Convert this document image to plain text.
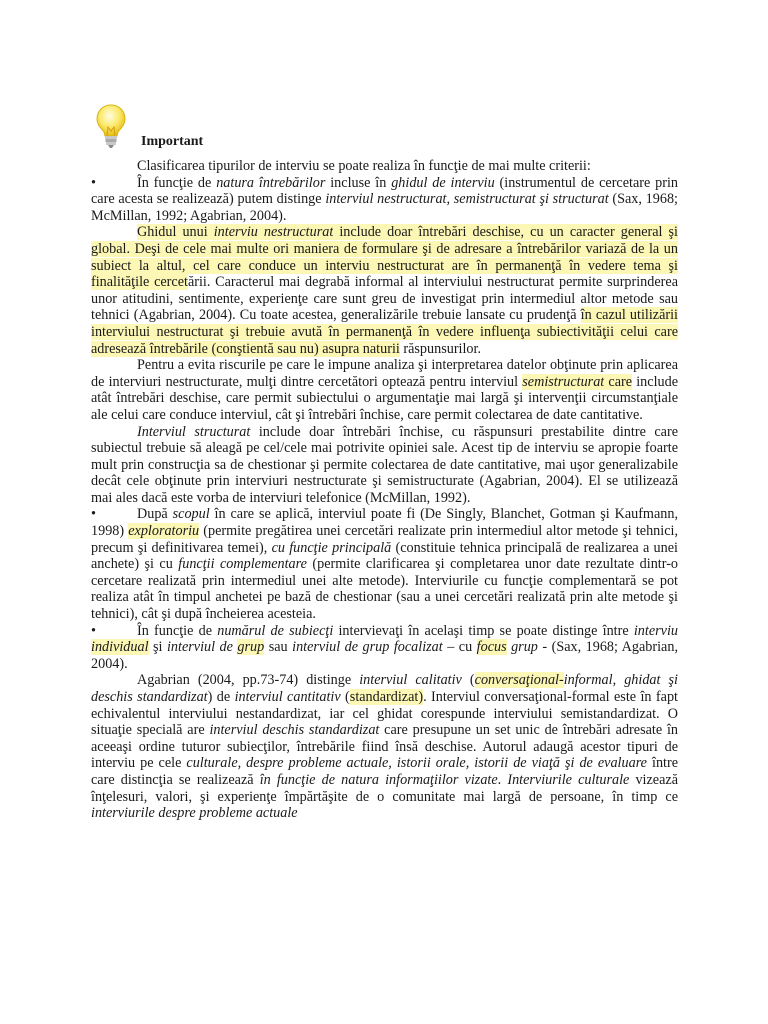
Important

Clasificarea tipurilor de interviu se poate realiza în funcţie de mai multe criterii:

•	În funcţie de natura întrebărilor incluse în ghidul de interviu (instrumentul de cercetare prin care acesta se realizează) putem distinge interviul nestructurat, semistructurat şi structurat (Sax, 1968; McMillan, 1992; Agabrian, 2004).

Ghidul unui interviu nestructurat include doar întrebări deschise, cu un caracter general şi global. Deşi de cele mai multe ori maniera de formulare şi de adresare a întrebărilor variază de la un subiect la altul, cel care conduce un interviu nestructurat are în permanenţă în vedere tema şi finalităţile cercetării. Caracterul mai degrabă informal al interviului nestructurat permite surprinderea unor atitudini, sentimente, experienţe care sunt greu de investigat prin intermediul altor metode sau tehnici (Agabrian, 2004). Cu toate acestea, generalizările trebuie lansate cu prudenţă în cazul utilizării interviului nestructurat şi trebuie avută în permanenţă în vedere influenţa subiectivităţii celui care adresează întrebările (conştientă sau nu) asupra naturii răspunsurilor.

Pentru a evita riscurile pe care le impune analiza şi interpretarea datelor obţinute prin aplicarea de interviuri nestructurate, mulţi dintre cercetători optează pentru interviul semistructurat care include atât întrebări deschise, care permit subiectului o argumentaţie mai largă şi intervenţii circumstanţiale ale celui care conduce interviul, cât şi întrebări închise, care permit colectarea de date cantitative.

Interviul structurat include doar întrebări închise, cu răspunsuri prestabilite dintre care subiectul trebuie să aleagă pe cel/cele mai potrivite opiniei sale. Acest tip de interviu se apropie foarte mult prin construcţia sa de chestionar şi permite colectarea de date cantitative, mai uşor generalizabile decât cele obţinute prin interviuri nestructurate şi semistructurate (Agabrian, 2004). El se utilizează mai ales dacă este vorba de interviuri telefonice (McMillan, 1992).

•	După scopul în care se aplică, interviul poate fi (De Singly, Blanchet, Gotman şi Kaufmann, 1998) exploratoriu (permite pregătirea unei cercetări realizate prin intermediul altor metode şi tehnici, precum şi definitivarea temei), cu funcţie principală (constituie tehnica principală de realizarea a unei anchete) şi cu funcţii complementare (permite clarificarea şi completarea unor date rezultate dintr-o cercetare realizată prin intermediul unei alte metode). Interviurile cu funcţie complementară se pot realiza atât în timpul anchetei pe bază de chestionar (sau a unei cercetări realizată prin alte metode şi tehnici), cât şi după încheierea acesteia.

•	În funcţie de numărul de subiecţi intervievaţi în acelaşi timp se poate distinge între interviu individual şi interviul de grup sau interviul de grup focalizat – cu focus grup - (Sax, 1968; Agabrian, 2004).

Agabrian (2004, pp.73-74) distinge interviul calitativ (conversaţional-informal, ghidat şi deschis standardizat) de interviul cantitativ (standardizat). Interviul conversaţional-formal este în fapt echivalentul interviului nestandardizat, iar cel ghidat corespunde interviului semistandardizat. O situaţie specială are interviul deschis standardizat care presupune un set unic de întrebări adresate în aceeaşi ordine tuturor subiecţilor, întrebările fiind însă deschise. Autorul adaugă acestor tipuri de interviu pe cele culturale, despre probleme actuale, istorii orale, istorii de viaţă şi de evaluare între care distincţia se realizează în funcţie de natura informaţiilor vizate. Interviurile culturale vizează înţelesuri, valori, şi experienţe împărtăşite de o comunitate mai largă de persoane, în timp ce interviurile despre probleme actuale
